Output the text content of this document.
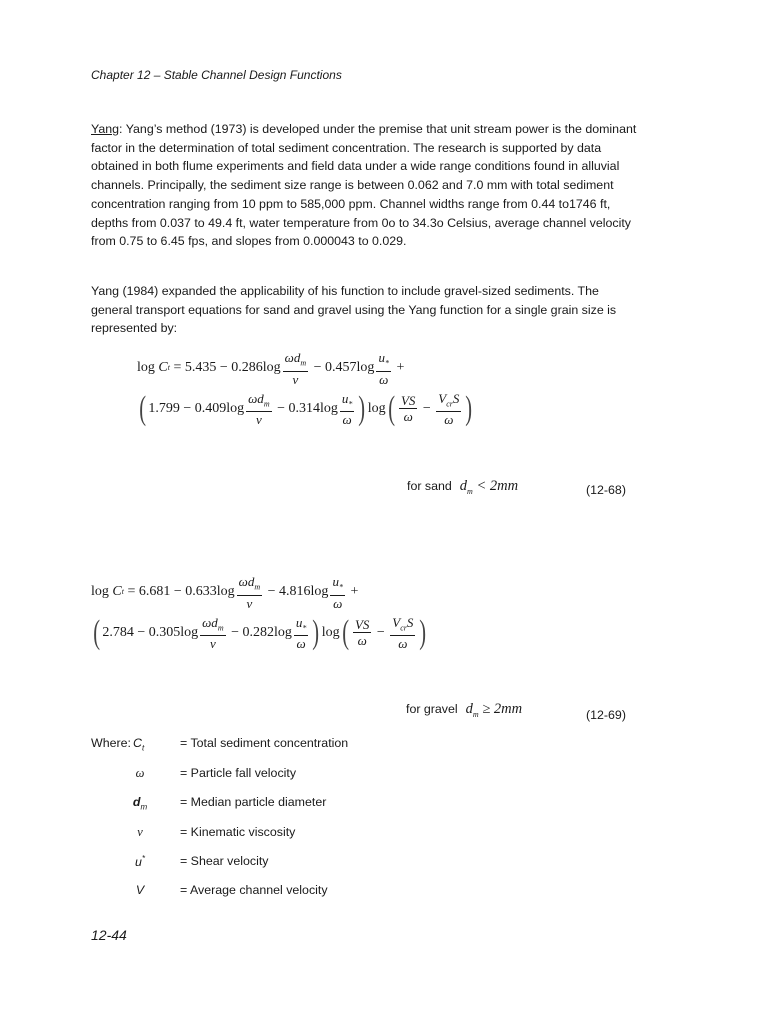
Chapter 12 – Stable Channel Design Functions
Yang: Yang’s method (1973) is developed under the premise that unit stream power is the dominant factor in the determination of total sediment concentration. The research is supported by data obtained in both flume experiments and field data under a wide range conditions found in alluvial channels. Principally, the sediment size range is between 0.062 and 7.0 mm with total sediment concentration ranging from 10 ppm to 585,000 ppm. Channel widths range from 0.44 to1746 ft, depths from 0.037 to 49.4 ft, water temperature from 0o to 34.3o Celsius, average channel velocity from 0.75 to 6.45 fps, and slopes from 0.000043 to 0.029.
Yang (1984) expanded the applicability of his function to include gravel-sized sediments. The general transport equations for sand and gravel using the Yang function for a single grain size is represented by:
log
C t = 5.435 − 0.286 $\log \frac{\omega d_m}{\nu} - 0.457$ $\log \frac{u_*}{\omega}$ +
( 1.799 − 0.409 $\log \frac{\omega d_m}{\nu} - 0.314$ $\log \frac{u_*}{\omega}$ ) log ( $\frac{VS}{\omega} - \frac{V_{cr}S}{\omega}$ )
for sand $d_m < 2mm$	(12-68)
log
C t = 6.681 − 0.633 $\log \frac{\omega d_m}{\nu} - 4.816$ $\log \frac{u_*}{\omega}$ +
( 2.784 − 0.305 $\log \frac{\omega d_m}{\nu} - 0.282$ $\log \frac{u_*}{\omega}$ ) log ( $\frac{VS}{\omega} - \frac{V_{cr}S}{\omega}$ )
for gravel $d_m \ge 2mm$	(12-69)
Where: $C_t$	= Total sediment concentration
ω	= Particle fall velocity
$d_m$	= Median particle diameter
ν	= Kinematic viscosity
u*	= Shear velocity
V	= Average channel velocity
12-44
